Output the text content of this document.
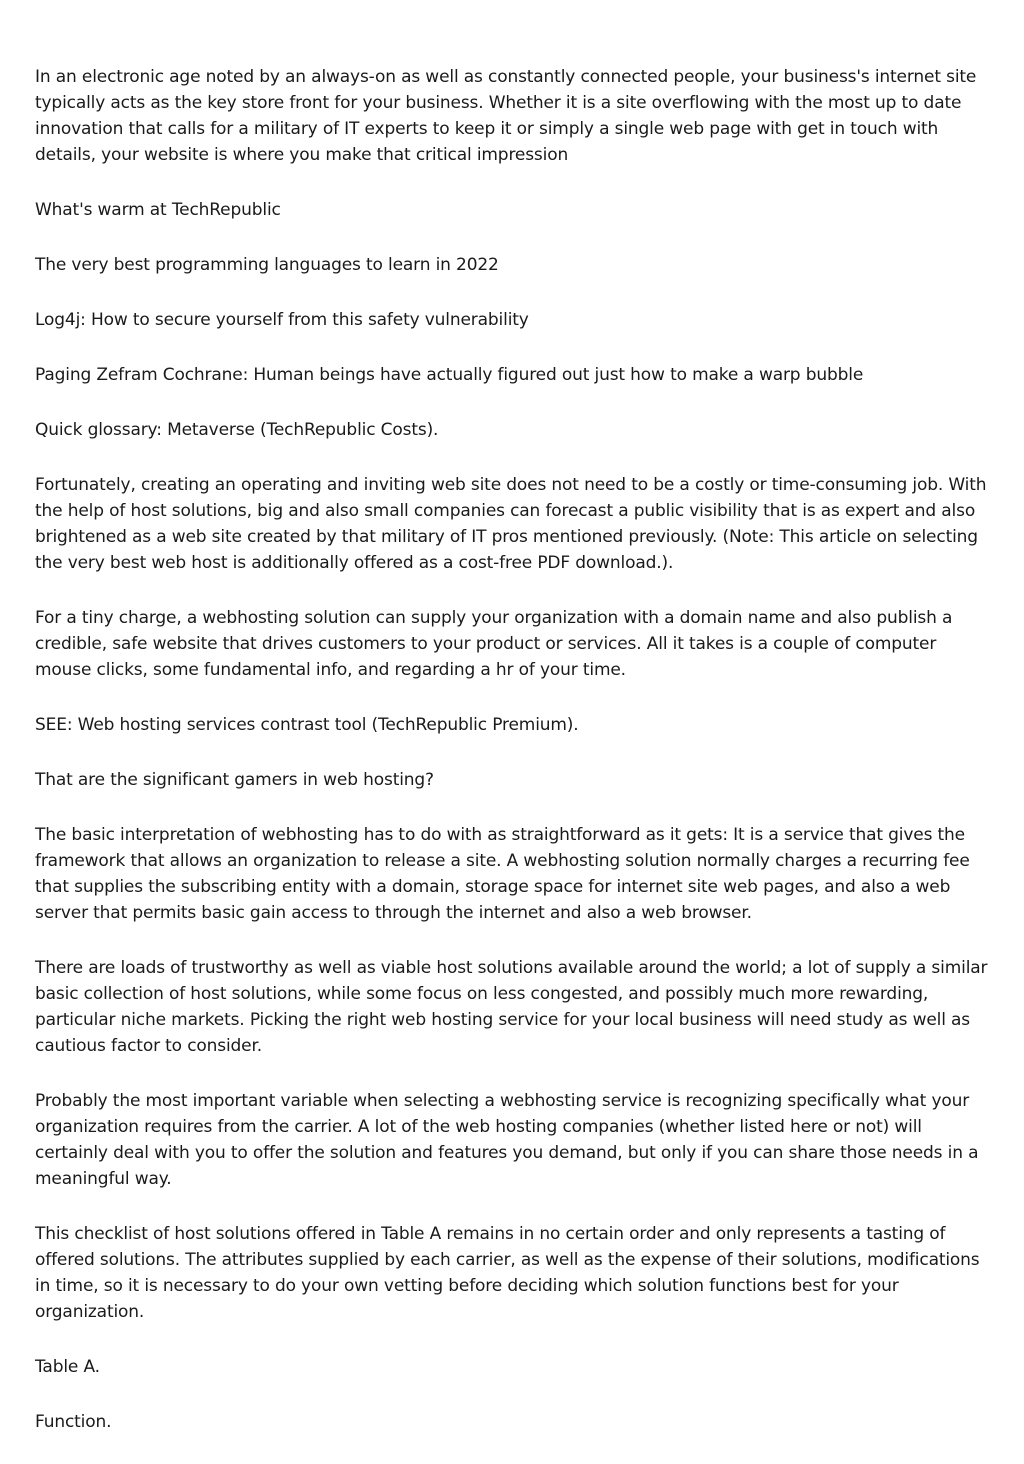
In an electronic age noted by an always-on as well as constantly connected people, your business's internet site typically acts as the key store front for your business. Whether it is a site overflowing with the most up to date innovation that calls for a military of IT experts to keep it or simply a single web page with get in touch with details, your website is where you make that critical impression

What's warm at TechRepublic

The very best programming languages to learn in 2022

Log4j: How to secure yourself from this safety vulnerability

Paging Zefram Cochrane: Human beings have actually figured out just how to make a warp bubble

Quick glossary: Metaverse (TechRepublic Costs).

Fortunately, creating an operating and inviting web site does not need to be a costly or time-consuming job. With the help of host solutions, big and also small companies can forecast a public visibility that is as expert and also brightened as a web site created by that military of IT pros mentioned previously. (Note: This article on selecting the very best web host is additionally offered as a cost-free PDF download.).

For a tiny charge, a webhosting solution can supply your organization with a domain name and also publish a credible, safe website that drives customers to your product or services. All it takes is a couple of computer mouse clicks, some fundamental info, and regarding a hr of your time.

SEE: Web hosting services contrast tool (TechRepublic Premium).

That are the significant gamers in web hosting?

The basic interpretation of webhosting has to do with as straightforward as it gets: It is a service that gives the framework that allows an organization to release a site. A webhosting solution normally charges a recurring fee that supplies the subscribing entity with a domain, storage space for internet site web pages, and also a web server that permits basic gain access to through the internet and also a web browser.

There are loads of trustworthy as well as viable host solutions available around the world; a lot of supply a similar basic collection of host solutions, while some focus on less congested, and possibly much more rewarding, particular niche markets. Picking the right web hosting service for your local business will need study as well as cautious factor to consider.

Probably the most important variable when selecting a webhosting service is recognizing specifically what your organization requires from the carrier. A lot of the web hosting companies (whether listed here or not) will certainly deal with you to offer the solution and features you demand, but only if you can share those needs in a meaningful way.

This checklist of host solutions offered in Table A remains in no certain order and only represents a tasting of offered solutions. The attributes supplied by each carrier, as well as the expense of their solutions, modifications in time, so it is necessary to do your own vetting before deciding which solution functions best for your organization.

Table A.

Function.
